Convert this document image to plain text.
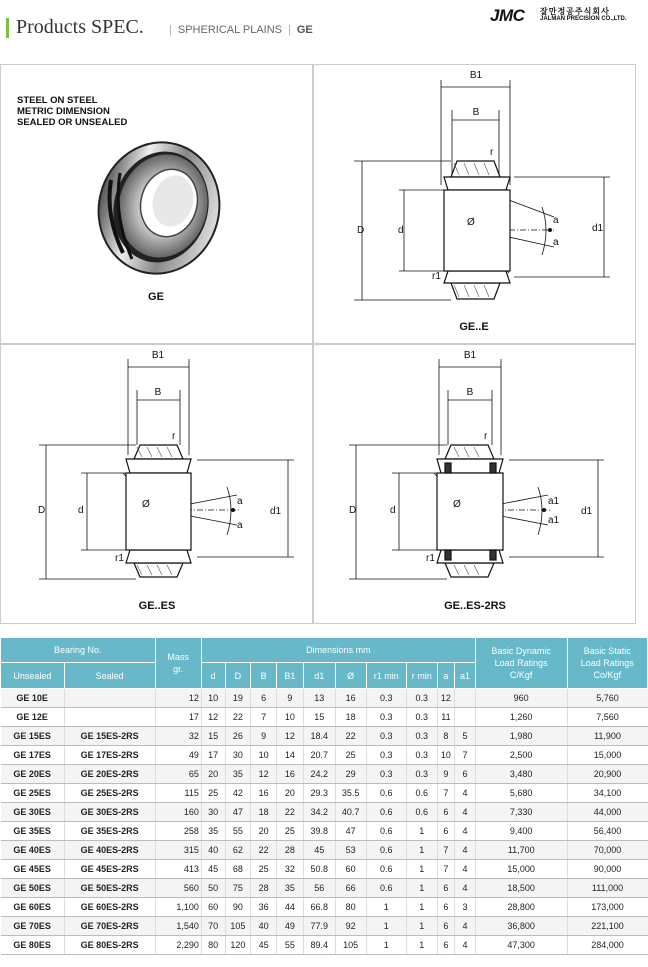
Products SPEC.	| SPHERICAL PLAINS | GE
JMC 잘만정공주식회사
JALMAN PRECISION CO.,LTD.
STEEL ON STEEL
METRIC DIMENSION
SEALED OR UNSEALED
GE
B1
B
r
D	d
Ø	a
a
d1
r1
GE..E
B1
B
r
D	d
Ø	a
a
d1
r1
GE..ES
B1
B
r
D	d
Ø	a1
a1
d1
r1
GE..ES-2RS
Bearing No.		Mass
gr.	Dimensions mm										Basic Dynamic
Load Ratings
C/Kgf	Basic Static
Load Ratings
Co/Kgf
Unsealed	Sealed		d	D	B	B1	d1	Ø	r1 min	r min	a	a1		
GE 10E		12	10	19	6	9	13	16	0.3	0.3	12		960	5,760
GE 12E		17	12	22	7	10	15	18	0.3	0.3	11		1,260	7,560
GE 15ES	GE 15ES-2RS	32	15	26	9	12	18.4	22	0.3	0.3	8	5	1,980	11,900
GE 17ES	GE 17ES-2RS	49	17	30	10	14	20.7	25	0.3	0.3	10	7	2,500	15,000
GE 20ES	GE 20ES-2RS	65	20	35	12	16	24.2	29	0.3	0.3	9	6	3,480	20,900
GE 25ES	GE 25ES-2RS	115	25	42	16	20	29.3	35.5	0.6	0.6	7	4	5,680	34,100
GE 30ES	GE 30ES-2RS	160	30	47	18	22	34.2	40.7	0.6	0.6	6	4	7,330	44,000
GE 35ES	GE 35ES-2RS	258	35	55	20	25	39.8	47	0.6	1	6	4	9,400	56,400
GE 40ES	GE 40ES-2RS	315	40	62	22	28	45	53	0.6	1	7	4	11,700	70,000
GE 45ES	GE 45ES-2RS	413	45	68	25	32	50.8	60	0.6	1	7	4	15,000	90,000
GE 50ES	GE 50ES-2RS	560	50	75	28	35	56	66	0.6	1	6	4	18,500	111,000
GE 60ES	GE 60ES-2RS	1,100	60	90	36	44	66.8	80	1	1	6	3	28,800	173,000
GE 70ES	GE 70ES-2RS	1,540	70	105	40	49	77.9	92	1	1	6	4	36,800	221,100
GE 80ES	GE 80ES-2RS	2,290	80	120	45	55	89.4	105	1	1	6	4	47,300	284,000
